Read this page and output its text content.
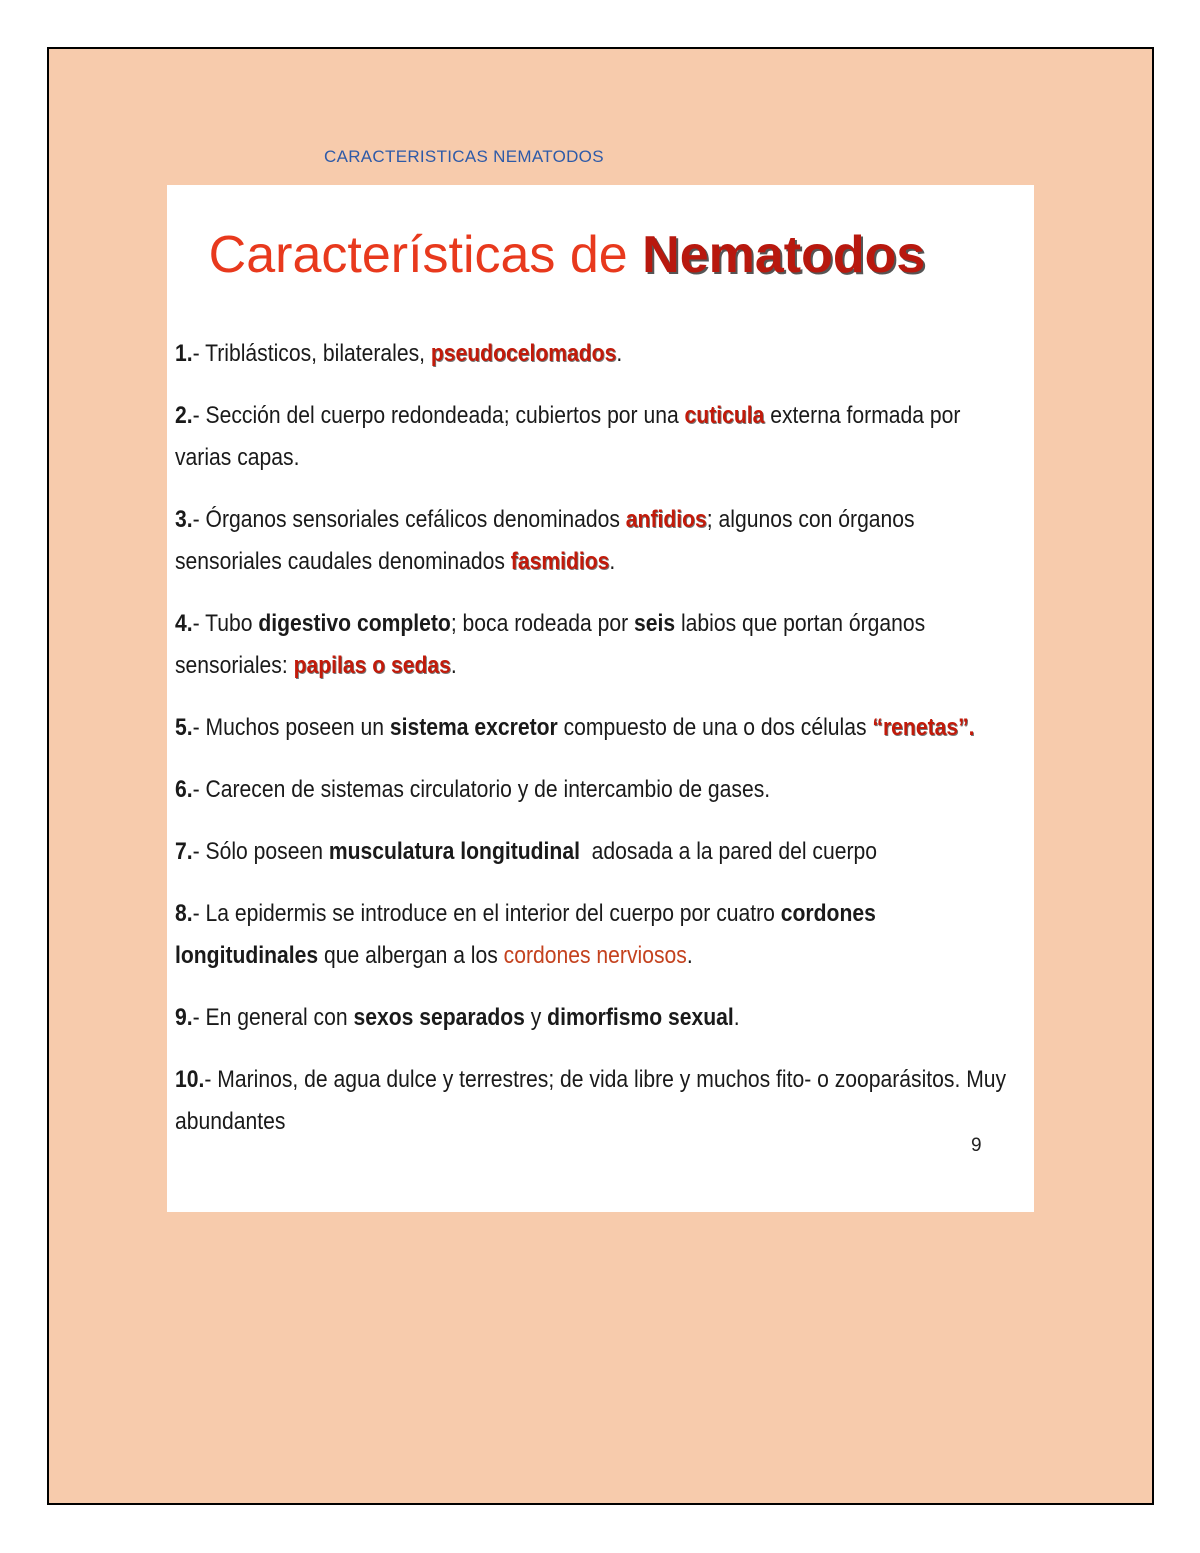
CARACTERISTICAS NEMATODOS
Características de Nematodos
1.- Triblásticos, bilaterales, pseudocelomados.
2.- Sección del cuerpo redondeada; cubiertos por una cuticula externa formada por varias capas.
3.- Órganos sensoriales cefálicos denominados anfidios; algunos con órganos sensoriales caudales denominados fasmidios.
4.- Tubo digestivo completo; boca rodeada por seis labios que portan órganos sensoriales: papilas o sedas.
5.- Muchos poseen un sistema excretor compuesto de una o dos células “renetas”.
6.- Carecen de sistemas circulatorio y de intercambio de gases.
7.- Sólo poseen musculatura longitudinal  adosada a la pared del cuerpo
8.- La epidermis se introduce en el interior del cuerpo por cuatro cordones longitudinales que albergan a los cordones nerviosos.
9.- En general con sexos separados y dimorfismo sexual.
10.- Marinos, de agua dulce y terrestres; de vida libre y muchos fito- o zooparásitos. Muy abundantes
9
